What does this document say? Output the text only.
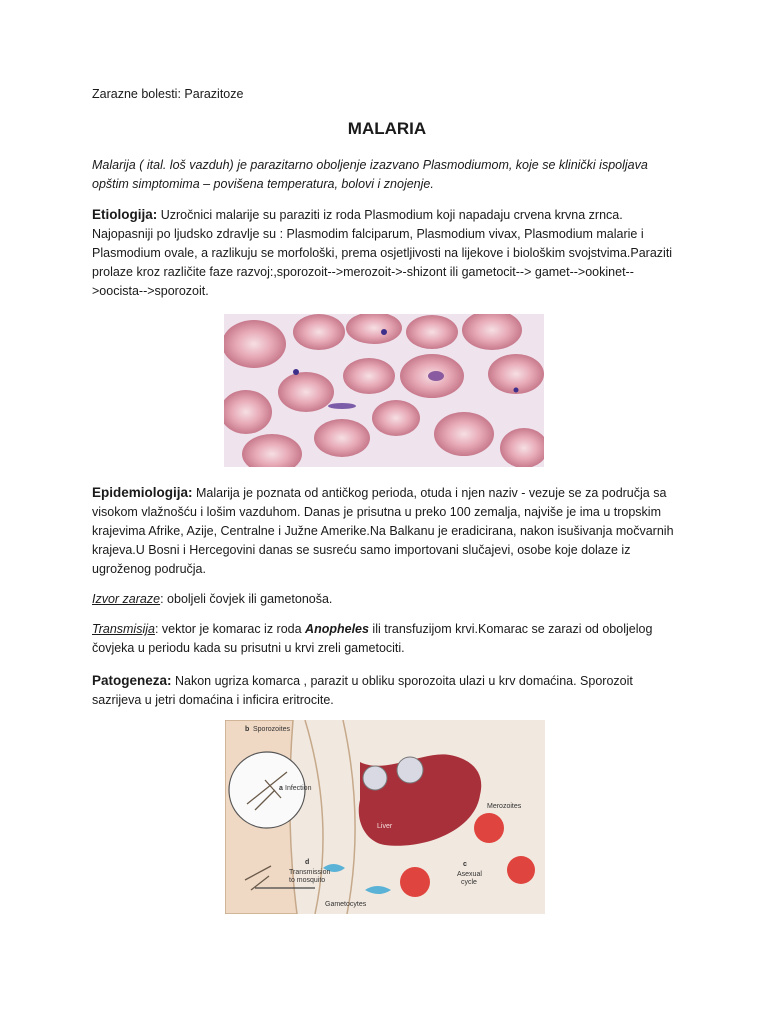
Zarazne bolesti: Parazitoze
MALARIA
Malarija ( ital. loš vazduh) je parazitarno oboljenje izazvano Plasmodiumom, koje se klinički ispoljava opštim simptomima – povišena temperatura, bolovi i znojenje.
Etiologija: Uzročnici malarije su paraziti iz roda Plasmodium koji napadaju crvena krvna zrnca. Najopasniji po ljudsko zdravlje su : Plasmodim falciparum, Plasmodium vivax, Plasmodium malarie i Plasmodium ovale, a razlikuju se morfološki, prema osjetljivosti na lijekove i biološkim svojstvima.Paraziti prolaze kroz različite faze razvoj:,sporozoit-->merozoit->-shizont ili gametocit--> gamet-->ookinet-->oocista-->sporozoit.
Epidemiologija: Malarija je poznata od antičkog perioda, otuda i njen naziv - vezuje se za područja sa visokom vlažnošću i lošim vazduhom. Danas je prisutna u preko 100 zemalja, najviše je ima u tropskim krajevima Afrike, Azije, Centralne i Južne Amerike.Na Balkanu je eradicirana, nakon isušivanja močvarnih krajeva.U Bosni i Hercegovini danas se susreću samo importovani slučajevi, osobe koje dolaze iz ugroženog područja.
Izvor zaraze: oboljeli čovjek ili gametonoša.
Transmisija: vektor je komarac iz roda Anopheles ili transfuzijom krvi.Komarac se zarazi od oboljelog čovjeka u periodu kada su prisutni u krvi zreli gametociti.
Patogeneza: Nakon ugriza komarca , parazit u obliku sporozoita ulazi u krv domaćina. Sporozoit sazrijeva u jetri domaćina i inficira eritrocite.
b Sporozoites
a Infection
Liver
Merozoites
c
Asexual
cycle
d
Transmission
to mosquito
Gametocytes
